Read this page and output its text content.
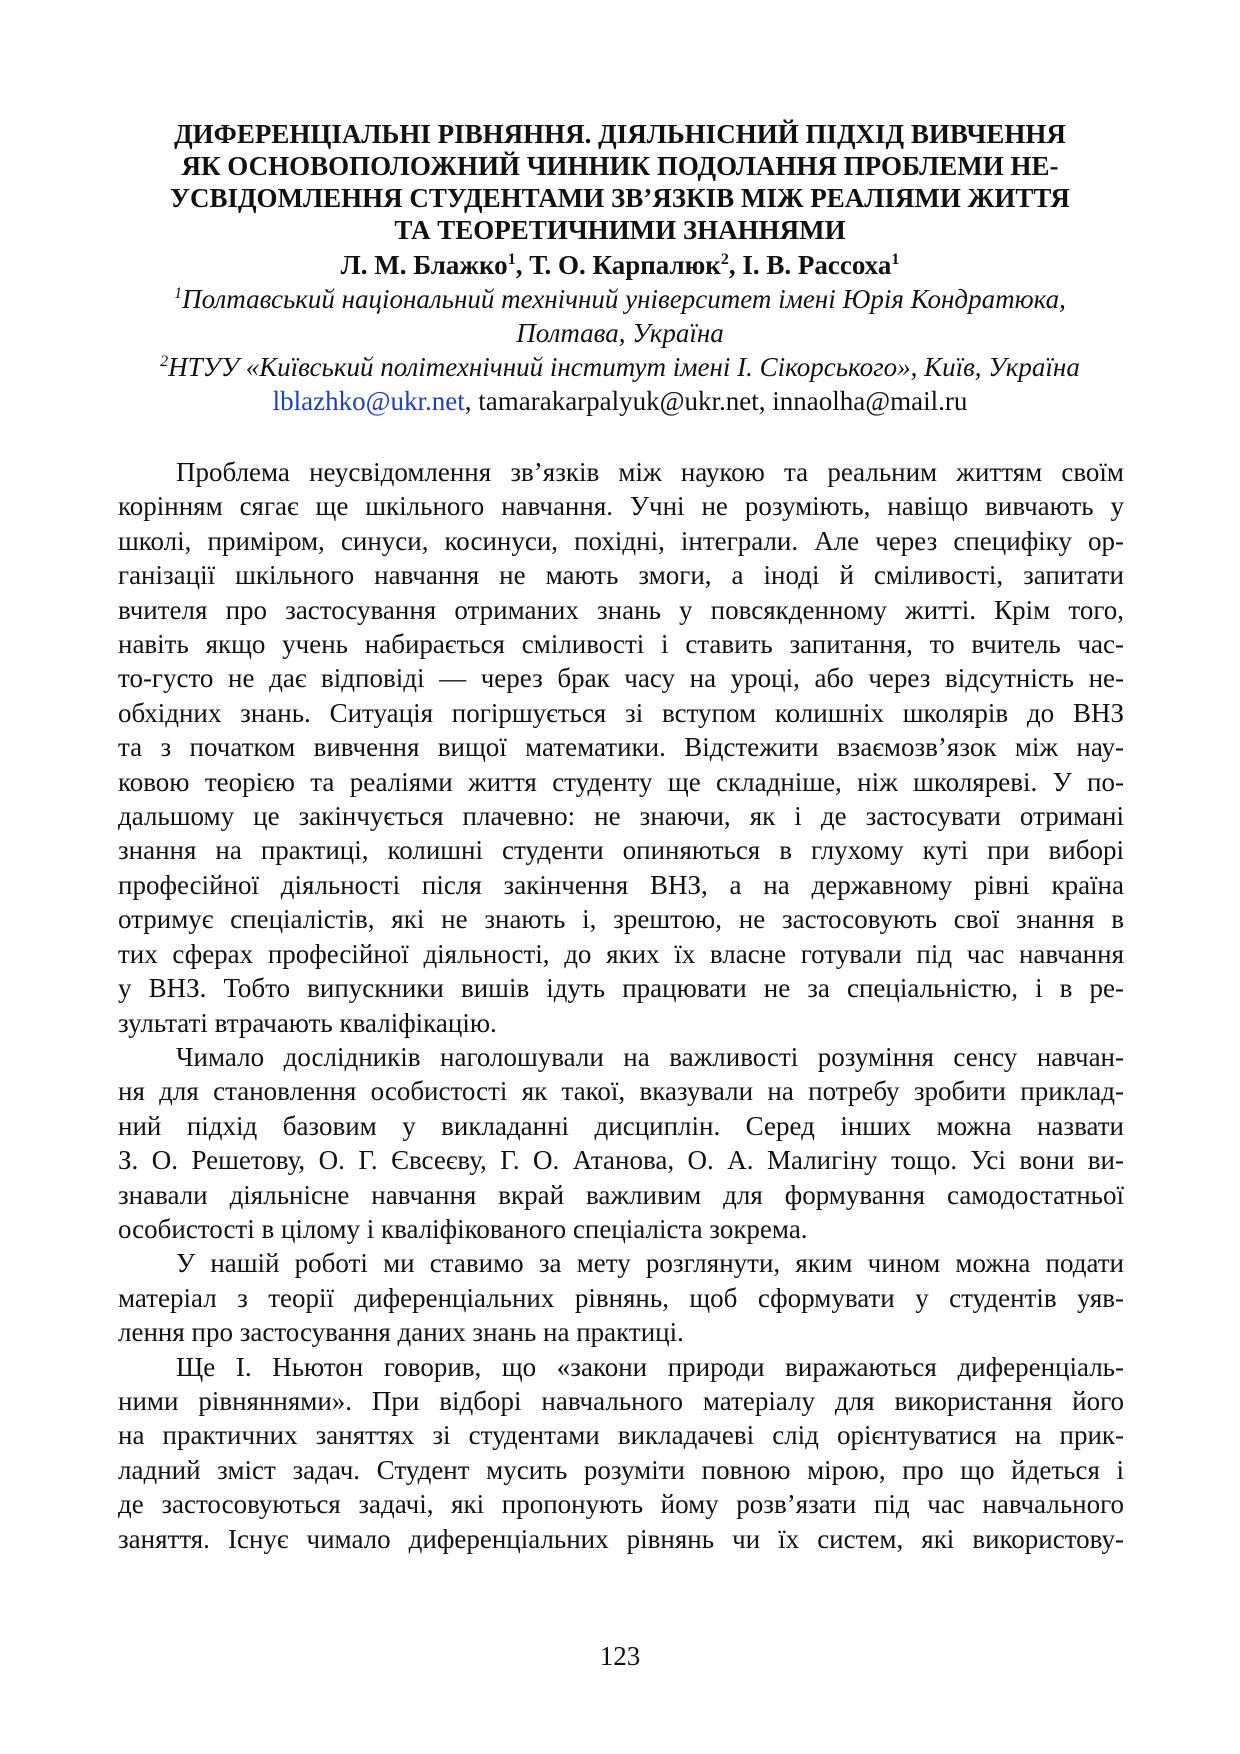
ДИФЕРЕНЦІАЛЬНІ РІВНЯННЯ. ДІЯЛЬНІСНИЙ ПІДХІД ВИВЧЕННЯ
ЯК ОСНОВОПОЛОЖНИЙ ЧИННИК ПОДОЛАННЯ ПРОБЛЕМИ НЕ-
УСВІДОМЛЕННЯ СТУДЕНТАМИ ЗВ’ЯЗКІВ МІЖ РЕАЛІЯМИ ЖИТТЯ
ТА ТЕОРЕТИЧНИМИ ЗНАННЯМИ

Л. М. Блажко$^1$, Т. О. Карпалюк$^2$, І. В. Рассоха$^1$

$^1$Полтавський національний технічний університет імені Юрія Кондратюка,
Полтава, Україна

$^2$НТУУ «Київський політехнічний інститут імені І. Сікорського», Київ, Україна

lblazhko@ukr.net, tamarakarpalyuk@ukr.net, innaolha@mail.ru

Проблема неусвідомлення зв’язків між наукою та реальним життям своїм
корінням сягає ще шкільного навчання. Учні не розуміють, навіщо вивчають у
школі, приміром, синуси, косинуси, похідні, інтеграли. Але через специфіку ор-
ганізації шкільного навчання не мають змоги, а іноді й сміливості, запитати
вчителя про застосування отриманих знань у повсякденному житті. Крім того,
навіть якщо учень набирається сміливості і ставить запитання, то вчитель час-
то-густо не дає відповіді — через брак часу на уроці, або через відсутність не-
обхідних знань. Ситуація погіршується зі вступом колишніх школярів до ВНЗ
та з початком вивчення вищої математики. Відстежити взаємозв’язок між нау-
ковою теорією та реаліями життя студенту ще складніше, ніж школяреві. У по-
дальшому це закінчується плачевно: не знаючи, як і де застосувати отримані
знання на практиці, колишні студенти опиняються в глухому куті при виборі
професійної діяльності після закінчення ВНЗ, а на державному рівні країна
отримує спеціалістів, які не знають і, зрештою, не застосовують свої знання в
тих сферах професійної діяльності, до яких їх власне готували під час навчання
у ВНЗ. Тобто випускники вишів ідуть працювати не за спеціальністю, і в ре-
зультаті втрачають кваліфікацію.
Чимало дослідників наголошували на важливості розуміння сенсу навчан-
ня для становлення особистості як такої, вказували на потребу зробити приклад-
ний підхід базовим у викладанні дисциплін. Серед інших можна назвати
З. О. Решетову, О. Г. Євсеєву, Г. О. Атанова, О. А. Малигіну тощо. Усі вони ви-
знавали діяльнісне навчання вкрай важливим для формування самодостатньої
особистості в цілому і кваліфікованого спеціаліста зокрема.
У нашій роботі ми ставимо за мету розглянути, яким чином можна подати
матеріал з теорії диференціальних рівнянь, щоб сформувати у студентів уяв-
лення про застосування даних знань на практиці.
Ще І. Ньютон говорив, що «закони природи виражаються диференціаль-
ними рівняннями». При відборі навчального матеріалу для використання його
на практичних заняттях зі студентами викладачеві слід орієнтуватися на прик-
ладний зміст задач. Студент мусить розуміти повною мірою, про що йдеться і
де застосовуються задачі, які пропонують йому розв’язати під час навчального
заняття. Існує чимало диференціальних рівнянь чи їх систем, які використову-
123
